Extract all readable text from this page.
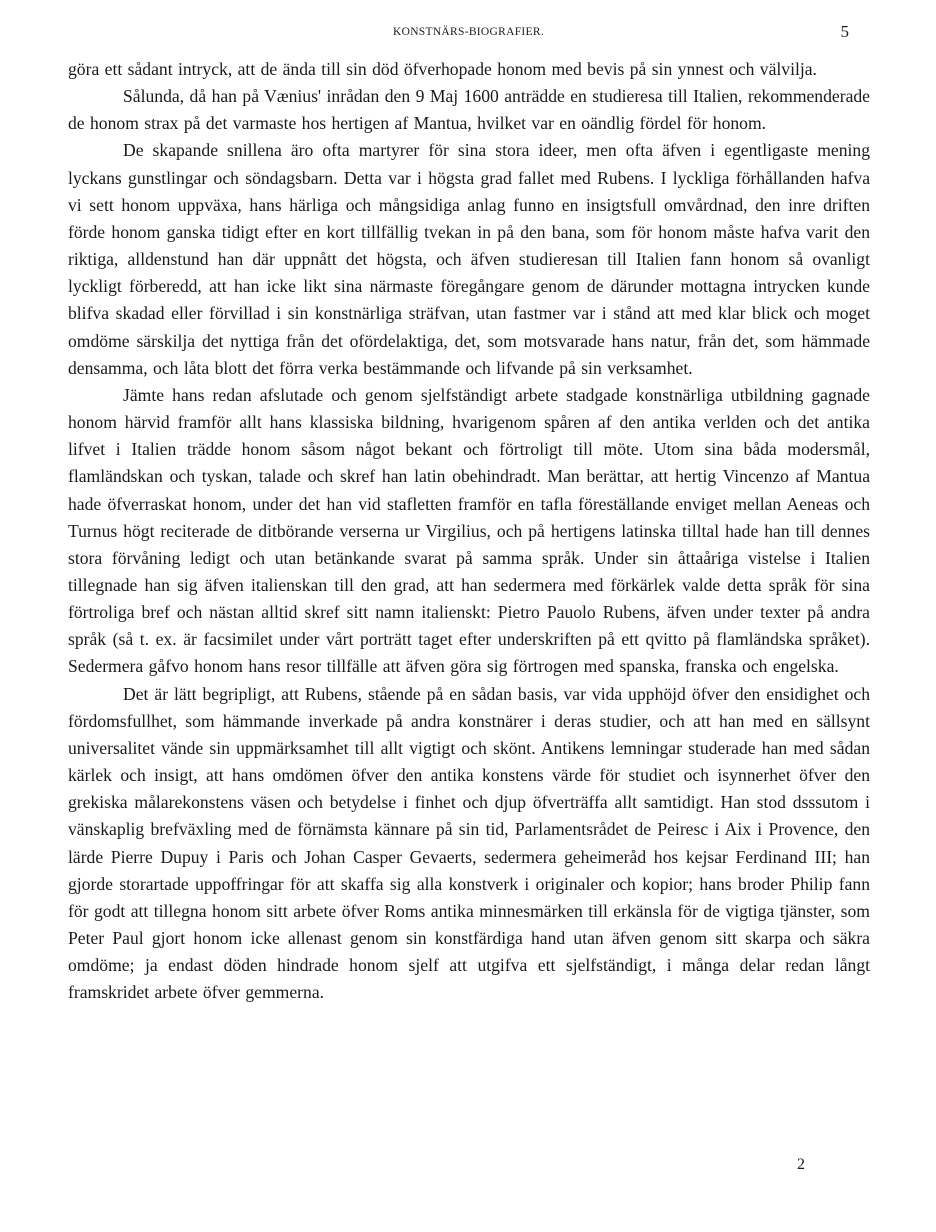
KONSTNÄRS-BIOGRAFIER.	5

göra ett sådant intryck, att de ända till sin död öfverhopade honom med bevis på sin ynnest och välvilja.

Sålunda, då han på Vænius' inrådan den 9 Maj 1600 anträdde en studieresa till Italien, rekommenderade de honom strax på det varmaste hos hertigen af Mantua, hvilket var en oändlig fördel för honom.

De skapande snillena äro ofta martyrer för sina stora ideer, men ofta äfven i egentligaste mening lyckans gunstlingar och söndagsbarn. Detta var i högsta grad fallet med Rubens. I lyckliga förhållanden hafva vi sett honom uppväxa, hans härliga och mångsidiga anlag funno en insigtsfull omvårdnad, den inre driften förde honom ganska tidigt efter en kort tillfällig tvekan in på den bana, som för honom måste hafva varit den riktiga, alldenstund han där uppnått det högsta, och äfven studieresan till Italien fann honom så ovanligt lyckligt förberedd, att han icke likt sina närmaste föregångare genom de därunder mottagna intrycken kunde blifva skadad eller förvillad i sin konstnärliga sträfvan, utan fastmer var i stånd att med klar blick och moget omdöme särskilja det nyttiga från det ofördelaktiga, det, som motsvarade hans natur, från det, som hämmade densamma, och låta blott det förra verka bestämmande och lifvande på sin verksamhet.

Jämte hans redan afslutade och genom sjelfständigt arbete stadgade konstnärliga utbildning gagnade honom härvid framför allt hans klassiska bildning, hvarigenom spåren af den antika verlden och det antika lifvet i Italien trädde honom såsom något bekant och förtroligt till möte. Utom sina båda modersmål, flamländskan och tyskan, talade och skref han latin obehindradt. Man berättar, att hertig Vincenzo af Mantua hade öfverraskat honom, under det han vid stafletten framför en tafla föreställande enviget mellan Aeneas och Turnus högt reciterade de ditbörande verserna ur Virgilius, och på hertigens latinska tilltal hade han till dennes stora förvåning ledigt och utan betänkande svarat på samma språk. Under sin åttaåriga vistelse i Italien tillegnade han sig äfven italienskan till den grad, att han sedermera med förkärlek valde detta språk för sina förtroliga bref och nästan alltid skref sitt namn italienskt: Pietro Pauolo Rubens, äfven under texter på andra språk (så t. ex. är facsimilet under vårt porträtt taget efter underskriften på ett qvitto på flamländska språket). Sedermera gåfvo honom hans resor tillfälle att äfven göra sig förtrogen med spanska, franska och engelska.

Det är lätt begripligt, att Rubens, stående på en sådan basis, var vida upphöjd öfver den ensidighet och fördomsfullhet, som hämmande inverkade på andra konstnärer i deras studier, och att han med en sällsynt universalitet vände sin uppmärksamhet till allt vigtigt och skönt. Antikens lemningar studerade han med sådan kärlek och insigt, att hans omdömen öfver den antika konstens värde för studiet och isynnerhet öfver den grekiska målarekonstens väsen och betydelse i finhet och djup öfverträffa allt samtidigt. Han stod dsssutom i vänskaplig brefväxling med de förnämsta kännare på sin tid, Parlamentsrådet de Peiresc i Aix i Provence, den lärde Pierre Dupuy i Paris och Johan Casper Gevaerts, sedermera geheimeråd hos kejsar Ferdinand III; han gjorde storartade uppoffringar för att skaffa sig alla konstverk i originaler och kopior; hans broder Philip fann för godt att tillegna honom sitt arbete öfver Roms antika minnesmärken till erkänsla för de vigtiga tjänster, som Peter Paul gjort honom icke allenast genom sin konstfärdiga hand utan äfven genom sitt skarpa och säkra omdöme; ja endast döden hindrade honom sjelf att utgifva ett sjelfständigt, i många delar redan långt framskridet arbete öfver gemmerna.

2
